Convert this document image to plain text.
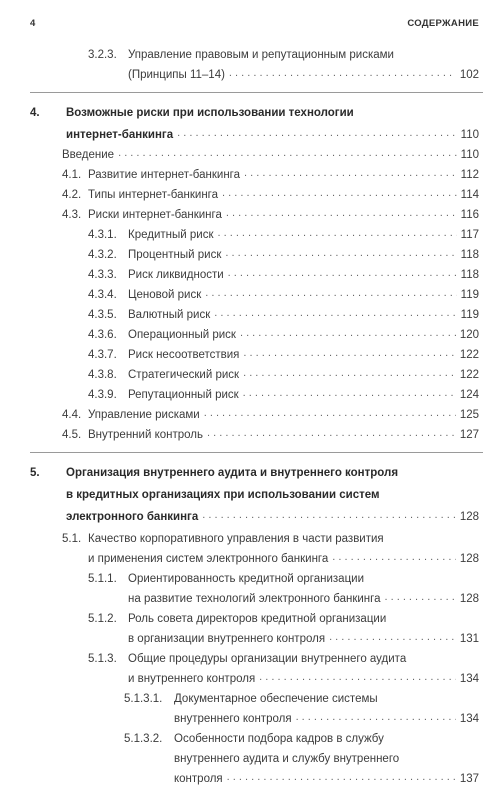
4	СОДЕРЖАНИЕ
3.2.3. Управление правовым и репутационным рисками
(Принципы 11–14) . . .	102
4.	Возможные риски при использовании технологии
интернет-банкинга . . .	110
Введение . . .	110
4.1. Развитие интернет-банкинга . . .	112
4.2. Типы интернет-банкинга . . .	114
4.3. Риски интернет-банкинга . . .	116
4.3.1. Кредитный риск . . .	117
4.3.2. Процентный риск . . .	118
4.3.3. Риск ликвидности . . .	118
4.3.4. Ценовой риск . . .	119
4.3.5. Валютный риск . . .	119
4.3.6. Операционный риск . . .	120
4.3.7. Риск несоответствия . . .	122
4.3.8. Стратегический риск . . .	122
4.3.9. Репутационный риск . . .	124
4.4. Управление рисками . . .	125
4.5. Внутренний контроль . . .	127
5.	Организация внутреннего аудита и внутреннего контроля
в кредитных организациях при использовании систем
электронного банкинга . . .	128
5.1. Качество корпоративного управления в части развития
и применения систем электронного банкинга . . .	128
5.1.1. Ориентированность кредитной организации
на развитие технологий электронного банкинга . . .	128
5.1.2. Роль совета директоров кредитной организации
в организации внутреннего контроля . . .	131
5.1.3. Общие процедуры организации внутреннего аудита
и внутреннего контроля . . .	134
5.1.3.1.	Документарное обеспечение системы
внутреннего контроля . . .	134
5.1.3.2.	Особенности подбора кадров в службу
внутреннего аудита и службу внутреннего
контроля . . .	137
